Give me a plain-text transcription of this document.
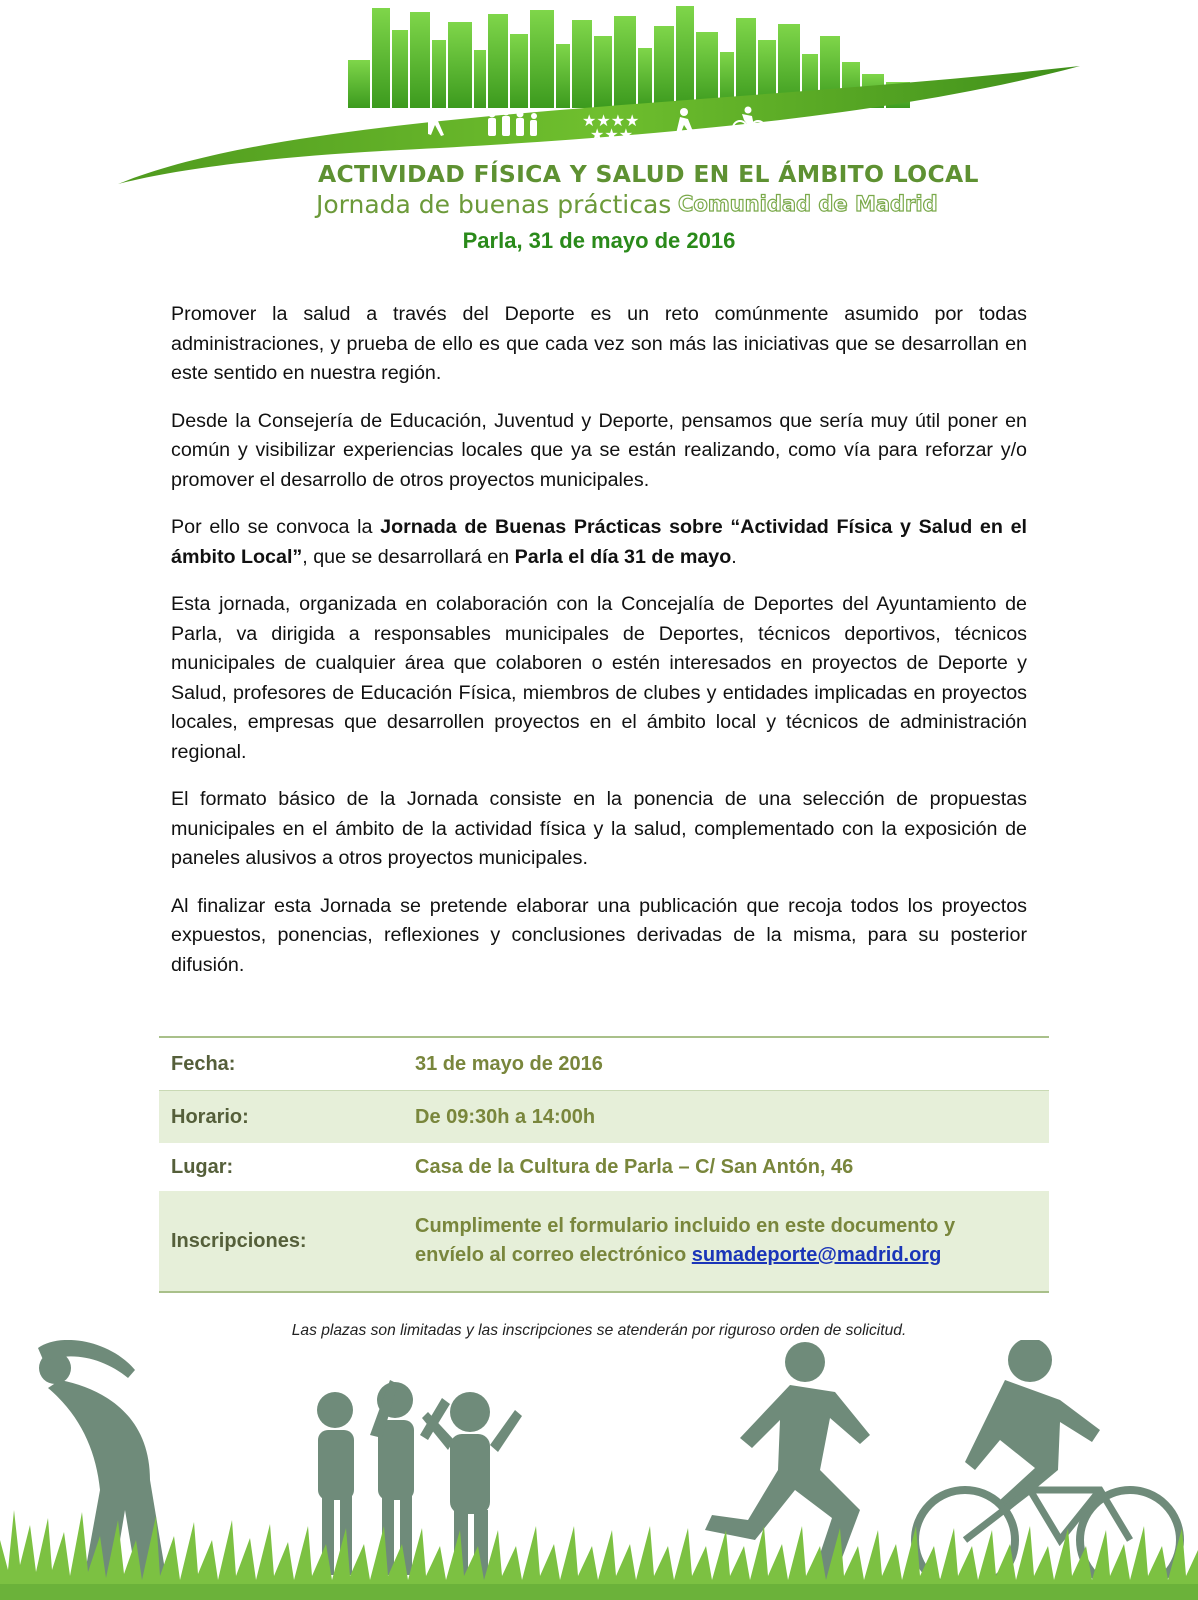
★★★★
★★★
ACTIVIDAD FÍSICA Y SALUD EN EL ÁMBITO LOCAL
Jornada de buenas prácticas Comunidad de Madrid
Parla, 31 de mayo de 2016

Promover la salud a través del Deporte es un reto comúnmente asumido por todas administraciones, y prueba de ello es que cada vez son más las iniciativas que se desarrollan en este sentido en nuestra región.

Desde la Consejería de Educación, Juventud y Deporte, pensamos que sería muy útil poner en común y visibilizar experiencias locales que ya se están realizando, como vía para reforzar y/o promover el desarrollo de otros proyectos municipales.

Por ello se convoca la Jornada de Buenas Prácticas sobre “Actividad Física y Salud en el ámbito Local”, que se desarrollará en Parla el día 31 de mayo.

Esta jornada, organizada en colaboración con la Concejalía de Deportes del Ayuntamiento de Parla, va dirigida a responsables municipales de Deportes, técnicos deportivos, técnicos municipales de cualquier área que colaboren o estén interesados en proyectos de Deporte y Salud, profesores de Educación Física, miembros de clubes y entidades implicadas en proyectos locales, empresas que desarrollen proyectos en el ámbito local y técnicos de administración regional.

El formato básico de la Jornada consiste en la ponencia de una selección de propuestas municipales en el ámbito de la actividad física y la salud, complementado con la exposición de paneles alusivos a otros proyectos municipales.

Al finalizar esta Jornada se pretende elaborar una publicación que recoja todos los proyectos expuestos, ponencias, reflexiones y conclusiones derivadas de la misma, para su posterior difusión.

Fecha:	31 de mayo de 2016
Horario:	De 09:30h a 14:00h
Lugar:	Casa de la Cultura de Parla – C/ San Antón, 46
Inscripciones:	Cumplimente el formulario incluido en este documento y
envíelo al correo electrónico sumadeporte@madrid.org
Las plazas son limitadas y las inscripciones se atenderán por riguroso orden de solicitud.
